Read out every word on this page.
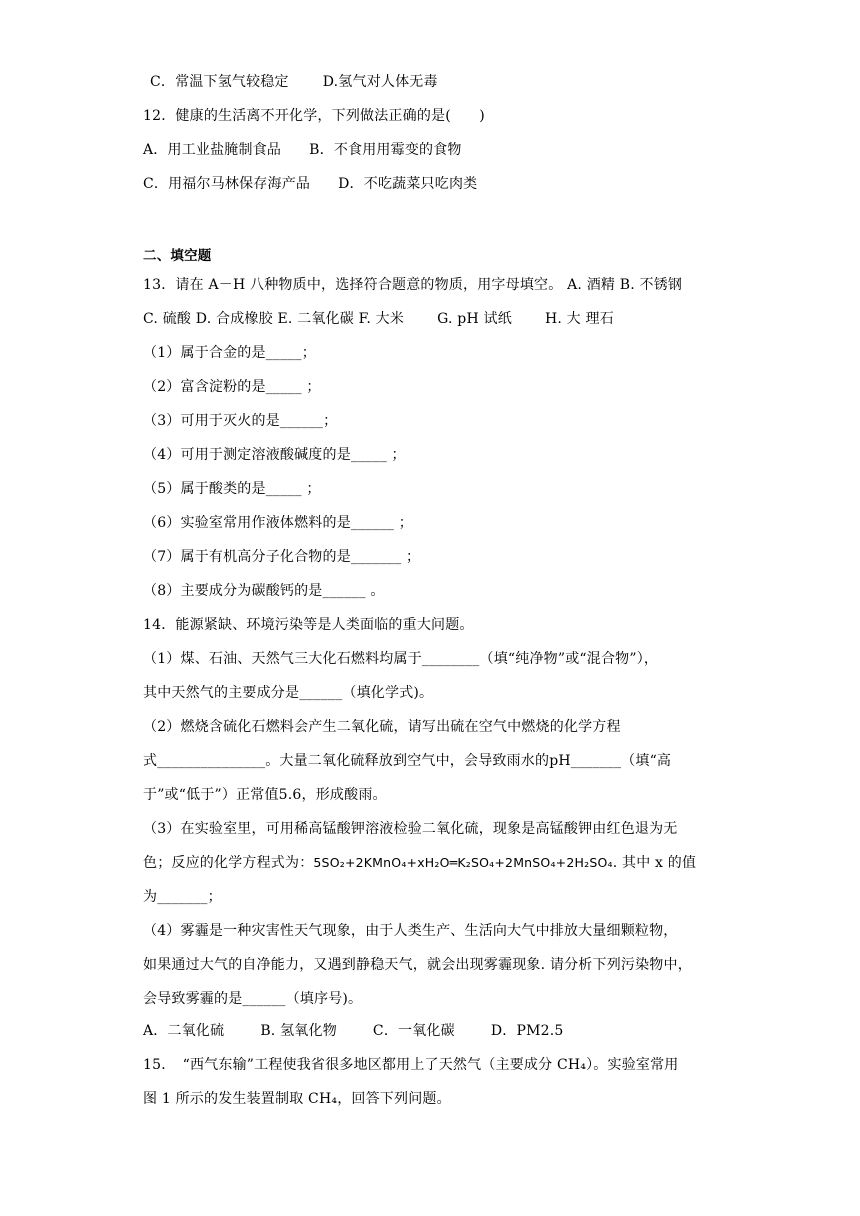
C．常温下氢气较稳定 D.氢气对人体无毒
12．健康的生活离不开化学，下列做法正确的是(　　)
A．用工业盐腌制食品 B．不食用用霉变的食物
C．用福尔马林保存海产品 D．不吃蔬菜只吃肉类
二、填空题
13．请在 A－H 八种物质中，选择符合题意的物质，用字母填空。 A. 酒精 B. 不锈钢
C. 硫酸 D. 合成橡胶 E. 二氧化碳 F. 大米　　 G. pH 试纸　　 H. 大 理石
（1）属于合金的是_____；
（2）富含淀粉的是_____ ；
（3）可用于灭火的是______；
（4）可用于测定溶液酸碱度的是_____ ；
（5）属于酸类的是_____ ；
（6）实验室常用作液体燃料的是______ ；
（7）属于有机高分子化合物的是_______ ；
（8）主要成分为碳酸钙的是______ 。
14．能源紧缺、环境污染等是人类面临的重大问题。
（1）煤、石油、天然气三大化石燃料均属于________（填“纯净物”或“混合物”），
其中天然气的主要成分是______（填化学式)。
（2）燃烧含硫化石燃料会产生二氧化硫，请写出硫在空气中燃烧的化学方程
式_______________。大量二氧化硫释放到空气中，会导致雨水的pH_______（填“高
于”或“低于”）正常值5.6，形成酸雨。
（3）在实验室里，可用稀高锰酸钾溶液检验二氧化硫，现象是高锰酸钾由红色退为无
色；反应的化学方程式为：5SO₂+2KMnO₄+xH₂O═K₂SO₄+2MnSO₄+2H₂SO₄. 其中 x 的值
为_______；
（4）雾霾是一种灾害性天气现象，由于人类生产、生活向大气中排放大量细颗粒物，
如果通过大气的自净能力，又遇到静稳天气，就会出现雾霾现象. 请分析下列污染物中，
会导致雾霾的是______（填序号)。
A．二氧化硫	B. 氢氧化物	C．一氧化碳	D．PM2.5
15．　“西气东输”工程使我省很多地区都用上了天然气（主要成分 CH₄）。实验室常用
图 1 所示的发生装置制取 CH₄，回答下列问题。
